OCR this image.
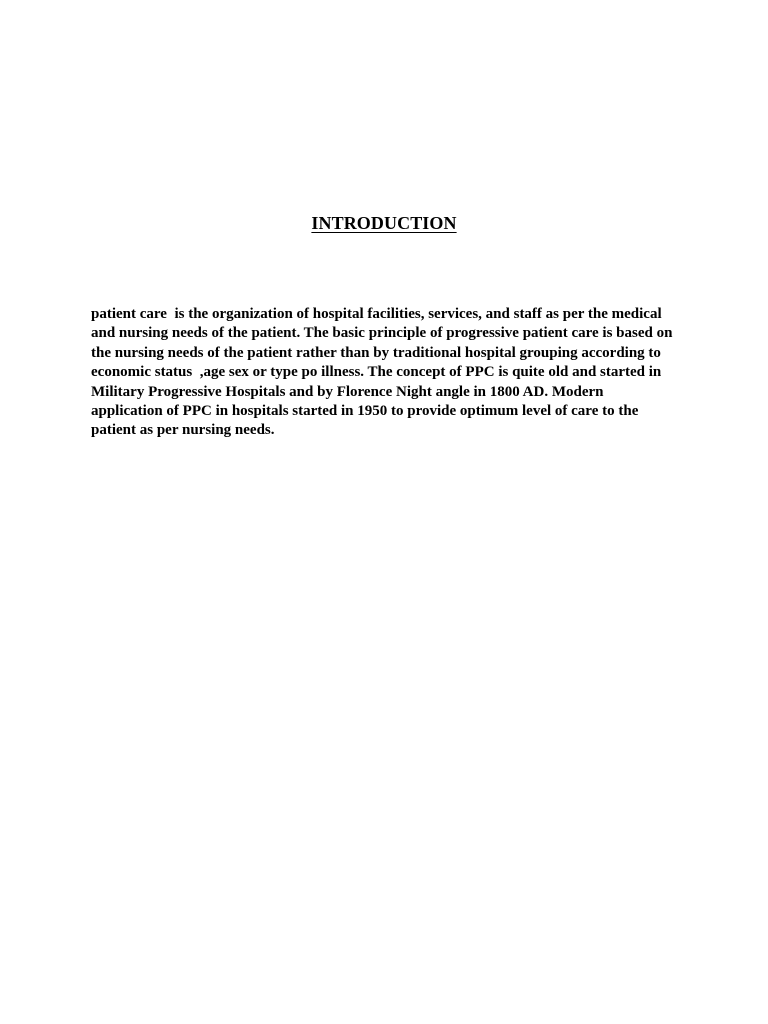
INTRODUCTION

patient care  is the organization of hospital facilities, services, and staff as per the medical
and nursing needs of the patient. The basic principle of progressive patient care is based on
the nursing needs of the patient rather than by traditional hospital grouping according to
economic status  ,age sex or type po illness. The concept of PPC is quite old and started in
Military Progressive Hospitals and by Florence Night angle in 1800 AD. Modern
application of PPC in hospitals started in 1950 to provide optimum level of care to the
patient as per nursing needs.
